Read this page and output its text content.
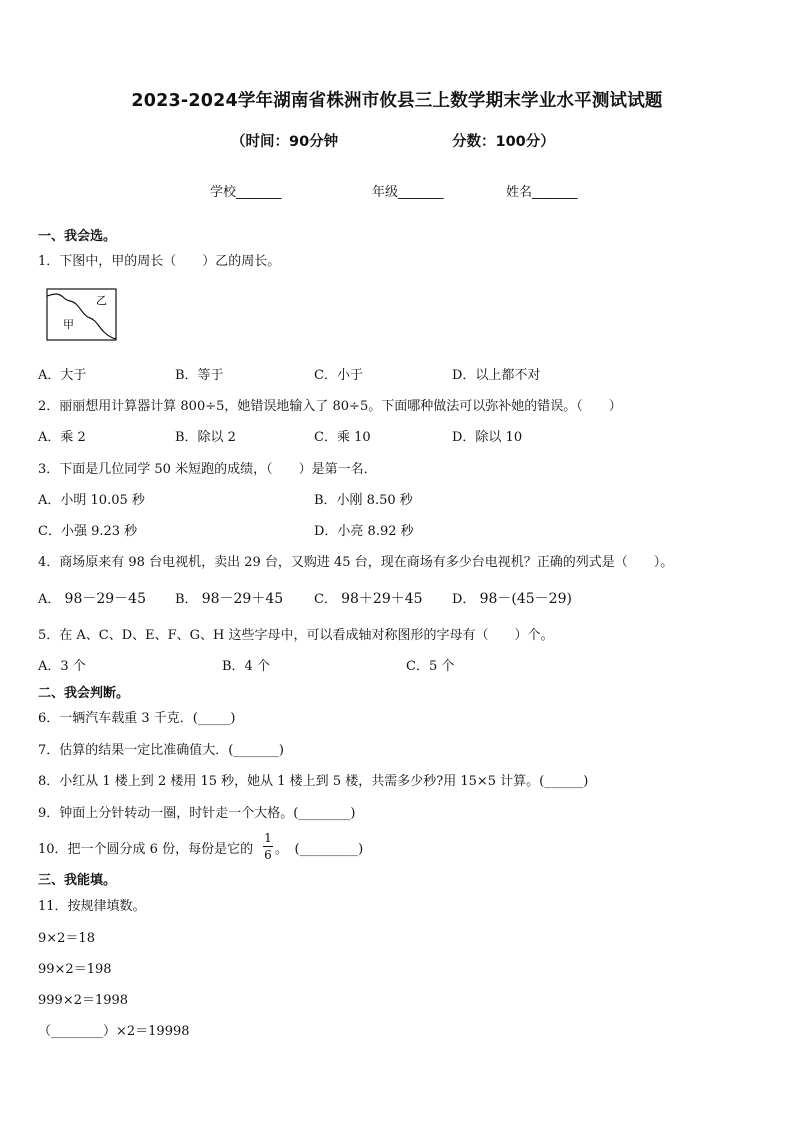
2023-2024学年湖南省株洲市攸县三上数学期末学业水平测试试题
（时间：90分钟	分数：100分）
学校_______	年级_______	姓名_______
一、我会选。
1．下图中，甲的周长（　　）乙的周长。
甲
乙
A．大于	B．等于	C．小于	D．以上都不对
2．丽丽想用计算器计算 800÷5，她错误地输入了 80÷5。下面哪种做法可以弥补她的错误。（　　）
A．乘 2	B．除以 2	C．乘 10	D．除以 10
3．下面是几位同学 50 米短跑的成绩，（　　）是第一名．
A．小明 10.05 秒	B．小刚 8.50 秒
C．小强 9.23 秒	D．小亮 8.92 秒
4．商场原来有 98 台电视机，卖出 29 台，又购进 45 台，现在商场有多少台电视机？正确的列式是（　　）。
A． 98－29－45 B． 98－29＋45 C． 98＋29＋45 D． 98－(45－29)
5．在 A、C、D、E、F、G、H 这些字母中，可以看成轴对称图形的字母有（　　）个。
A．3 个	B．4 个	C．5 个
二、我会判断。
6．一辆汽车载重 3 千克．(_____)
7．估算的结果一定比准确值大．(_______)
8．小红从 1 楼上到 2 楼用 15 秒，她从 1 楼上到 5 楼，共需多少秒?用 15×5 计算。(______)
9．钟面上分针转动一圈，时针走一个大格。(________)
10．把一个圆分成 6 份，每份是它的
1
6 。　(_________)
三、我能填。
11．按规律填数。
9×2＝18
99×2＝198
999×2＝1998
（________）×2＝19998
